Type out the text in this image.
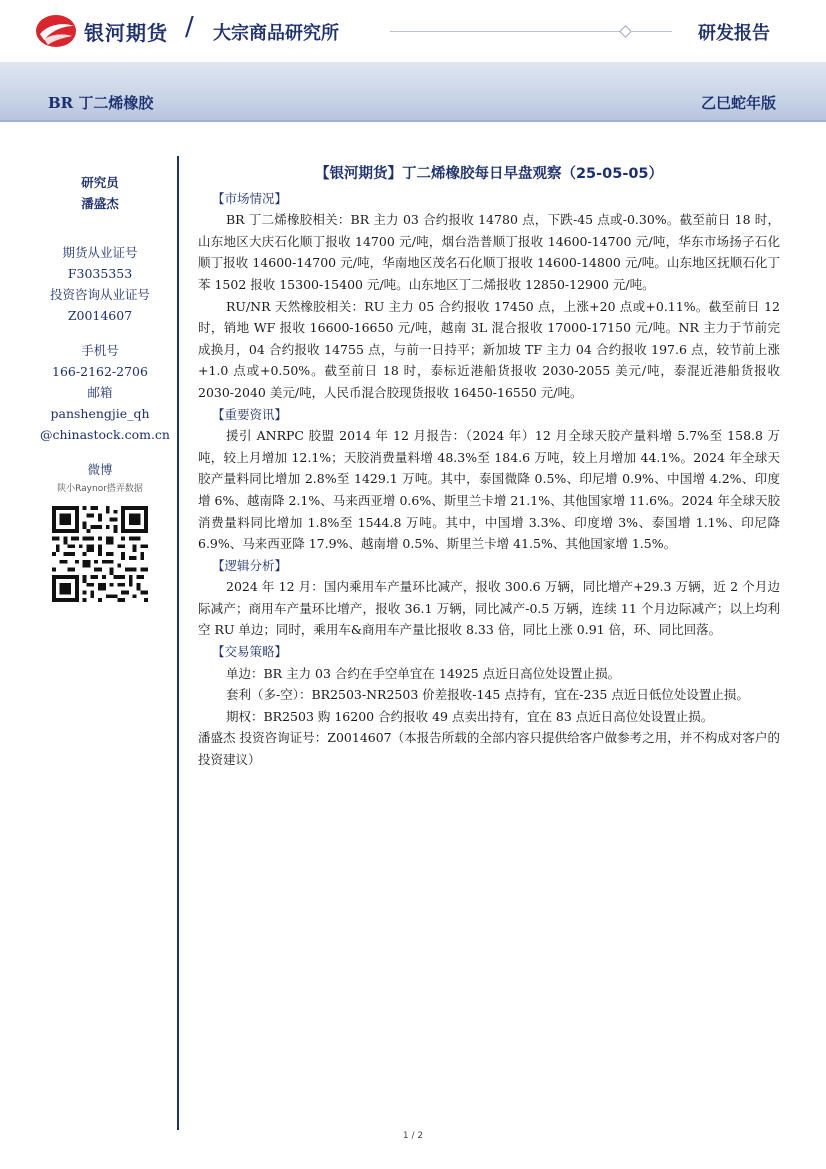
银河期货 / 大宗商品研究所	研发报告
BR 丁二烯橡胶	乙巳蛇年版
研究员
潘盛杰
期货从业证号
F3035353
投资咨询从业证号
Z0014607
手机号
166-2162-2706
邮箱
panshengjie_qh
@chinastock.com.cn
微博
陕小Raynor搭弄数据
【银河期货】丁二烯橡胶每日早盘观察（25-05-05）
【市场情况】

BR 丁二烯橡胶相关：BR 主力 03 合约报收 14780 点，下跌-45 点或-0.30%。截至前日 18 时，山东地区大庆石化顺丁报收 14700 元/吨，烟台浩普顺丁报收 14600-14700 元/吨，华东市场扬子石化顺丁报收 14600-14700 元/吨，华南地区茂名石化顺丁报收 14600-14800 元/吨。山东地区抚顺石化丁苯 1502 报收 15300-15400 元/吨。山东地区丁二烯报收 12850-12900 元/吨。

RU/NR 天然橡胶相关：RU 主力 05 合约报收 17450 点，上涨+20 点或+0.11%。截至前日 12 时，销地 WF 报收 16600-16650 元/吨，越南 3L 混合报收 17000-17150 元/吨。NR 主力于节前完成换月，04 合约报收 14755 点，与前一日持平；新加坡 TF 主力 04 合约报收 197.6 点，较节前上涨+1.0 点或+0.50%。截至前日 18 时，泰标近港船货报收 2030-2055 美元/吨，泰混近港船货报收 2030-2040 美元/吨，人民币混合胶现货报收 16450-16550 元/吨。

【重要资讯】

援引 ANRPC 胶盟 2014 年 12 月报告：（2024 年）12 月全球天胶产量料增 5.7%至 158.8 万吨，较上月增加 12.1%；天胶消费量料增 48.3%至 184.6 万吨，较上月增加 44.1%。2024 年全球天胶产量料同比增加 2.8%至 1429.1 万吨。其中，泰国微降 0.5%、印尼增 0.9%、中国增 4.2%、印度增 6%、越南降 2.1%、马来西亚增 0.6%、斯里兰卡增 21.1%、其他国家增 11.6%。2024 年全球天胶消费量料同比增加 1.8%至 1544.8 万吨。其中，中国增 3.3%、印度增 3%、泰国增 1.1%、印尼降 6.9%、马来西亚降 17.9%、越南增 0.5%、斯里兰卡增 41.5%、其他国家增 1.5%。

【逻辑分析】

2024 年 12 月：国内乘用车产量环比减产，报收 300.6 万辆，同比增产+29.3 万辆，近 2 个月边际减产；商用车产量环比增产，报收 36.1 万辆，同比减产-0.5 万辆，连续 11 个月边际减产；以上均利空 RU 单边；同时，乘用车&商用车产量比报收 8.33 倍，同比上涨 0.91 倍，环、同比回落。

【交易策略】

单边：BR 主力 03 合约在手空单宜在 14925 点近日高位处设置止损。

套利（多-空）：BR2503-NR2503 价差报收-145 点持有，宜在-235 点近日低位处设置止损。

期权：BR2503 购 16200 合约报收 49 点卖出持有，宜在 83 点近日高位处设置止损。

潘盛杰 投资咨询证号：Z0014607（本报告所载的全部内容只提供给客户做参考之用，并不构成对客户的投资建议）

1 / 2
